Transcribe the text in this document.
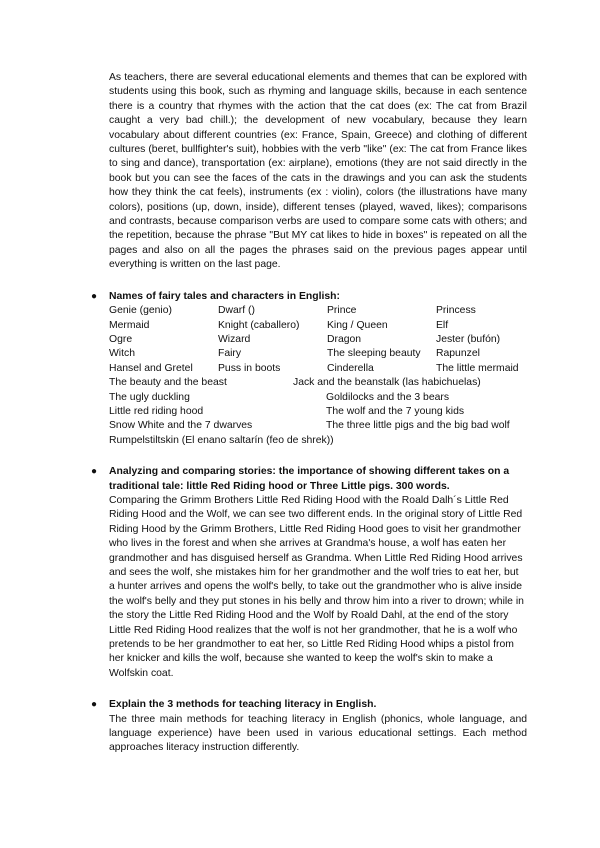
As teachers, there are several educational elements and themes that can be explored with students using this book, such as rhyming and language skills, because in each sentence there is a country that rhymes with the action that the cat does (ex: The cat from Brazil caught a very bad chill.); the development of new vocabulary, because they learn vocabulary about different countries (ex: France, Spain, Greece) and clothing of different cultures (beret, bullfighter's suit), hobbies with the verb "like" (ex: The cat from France likes to sing and dance), transportation (ex: airplane), emotions (they are not said directly in the book but you can see the faces of the cats in the drawings and you can ask the students how they think the cat feels), instruments (ex : violin), colors (the illustrations have many colors), positions (up, down, inside), different tenses (played, waved, likes); comparisons and contrasts, because comparison verbs are used to compare some cats with others; and the repetition, because the phrase "But MY cat likes to hide in boxes" is repeated on all the pages and also on all the pages the phrases said on the previous pages appear until everything is written on the last page.

● Names of fairy tales and characters in English:

Genie (genio)	Dwarf ()	Prince	Princess
Mermaid	Knight (caballero)	King / Queen	Elf
Ogre	Wizard	Dragon	Jester (bufón)
Witch	Fairy	The sleeping beauty	Rapunzel
Hansel and Gretel	Puss in boots	Cinderella	The little mermaid
The beauty and the beast	Jack and the beanstalk (las habichuelas)
The ugly duckling	Goldilocks and the 3 bears
Little red riding hood	The wolf and the 7 young kids
Snow White and the 7 dwarves	The three little pigs and the big bad wolf
Rumpelstiltskin (El enano saltarín (feo de shrek))
● Analyzing and comparing stories: the importance of showing different takes on a traditional tale: little Red Riding hood or Three Little pigs. 300 words.

Comparing the Grimm Brothers Little Red Riding Hood with the Roald Dalh´s Little Red Riding Hood and the Wolf, we can see two different ends. In the original story of Little Red Riding Hood by the Grimm Brothers, Little Red Riding Hood goes to visit her grandmother who lives in the forest and when she arrives at Grandma's house, a wolf has eaten her grandmother and has disguised herself as Grandma. When Little Red Riding Hood arrives and sees the wolf, she mistakes him for her grandmother and the wolf tries to eat her, but a hunter arrives and opens the wolf's belly, to take out the grandmother who is alive inside the wolf's belly and they put stones in his belly and throw him into a river to drown; while in the story the Little Red Riding Hood and the Wolf by Roald Dahl, at the end of the story Little Red Riding Hood realizes that the wolf is not her grandmother, that he is a wolf who pretends to be her grandmother to eat her, so Little Red Riding Hood whips a pistol from her knicker and kills the wolf, because she wanted to keep the wolf's skin to make a Wolfskin coat.

● Explain the 3 methods for teaching literacy in English.

The three main methods for teaching literacy in English (phonics, whole language, and language experience) have been used in various educational settings. Each method approaches literacy instruction differently.
